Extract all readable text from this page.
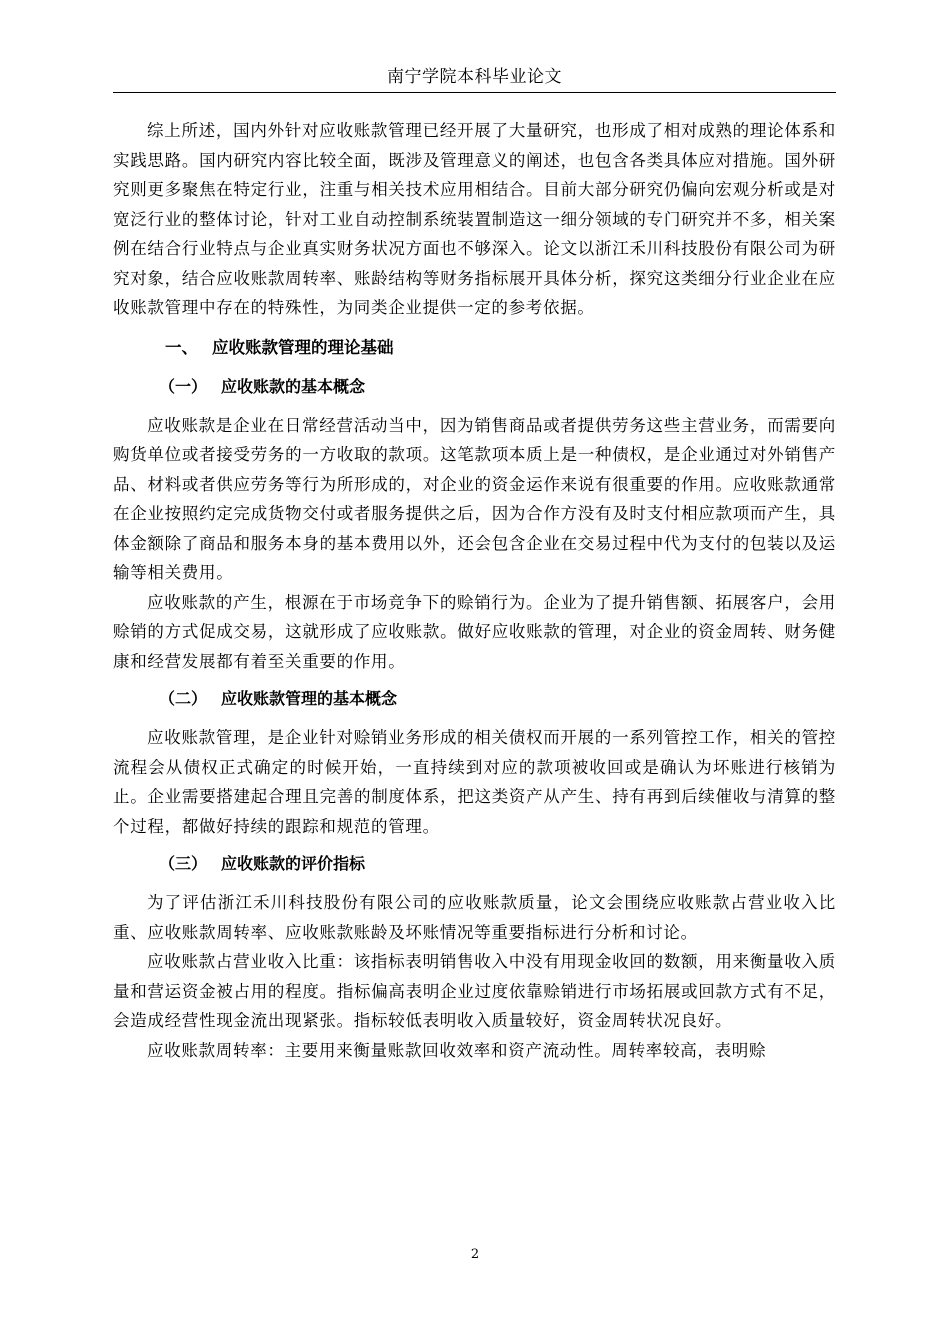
南宁学院本科毕业论文

综上所述，国内外针对应收账款管理已经开展了大量研究，也形成了相对成熟的理论体系和实践思路。国内研究内容比较全面，既涉及管理意义的阐述，也包含各类具体应对措施。国外研究则更多聚焦在特定行业，注重与相关技术应用相结合。目前大部分研究仍偏向宏观分析或是对宽泛行业的整体讨论，针对工业自动控制系统装置制造这一细分领域的专门研究并不多，相关案例在结合行业特点与企业真实财务状况方面也不够深入。论文以浙江禾川科技股份有限公司为研究对象，结合应收账款周转率、账龄结构等财务指标展开具体分析，探究这类细分行业企业在应收账款管理中存在的特殊性，为同类企业提供一定的参考依据。

一、 应收账款管理的理论基础
（一） 应收账款的基本概念

应收账款是企业在日常经营活动当中，因为销售商品或者提供劳务这些主营业务，而需要向购货单位或者接受劳务的一方收取的款项。这笔款项本质上是一种债权，是企业通过对外销售产品、材料或者供应劳务等行为所形成的，对企业的资金运作来说有很重要的作用。应收账款通常在企业按照约定完成货物交付或者服务提供之后，因为合作方没有及时支付相应款项而产生，具体金额除了商品和服务本身的基本费用以外，还会包含企业在交易过程中代为支付的包装以及运输等相关费用。

应收账款的产生，根源在于市场竞争下的赊销行为。企业为了提升销售额、拓展客户，会用赊销的方式促成交易，这就形成了应收账款。做好应收账款的管理，对企业的资金周转、财务健康和经营发展都有着至关重要的作用。

（二） 应收账款管理的基本概念

应收账款管理，是企业针对赊销业务形成的相关债权而开展的一系列管控工作，相关的管控流程会从债权正式确定的时候开始，一直持续到对应的款项被收回或是确认为坏账进行核销为止。企业需要搭建起合理且完善的制度体系，把这类资产从产生、持有再到后续催收与清算的整个过程，都做好持续的跟踪和规范的管理。

（三） 应收账款的评价指标

为了评估浙江禾川科技股份有限公司的应收账款质量，论文会围绕应收账款占营业收入比重、应收账款周转率、应收账款账龄及坏账情况等重要指标进行分析和讨论。

应收账款占营业收入比重：该指标表明销售收入中没有用现金收回的数额，用来衡量收入质量和营运资金被占用的程度。指标偏高表明企业过度依靠赊销进行市场拓展或回款方式有不足，会造成经营性现金流出现紧张。指标较低表明收入质量较好，资金周转状况良好。

应收账款周转率：主要用来衡量账款回收效率和资产流动性。周转率较高，表明赊

2
